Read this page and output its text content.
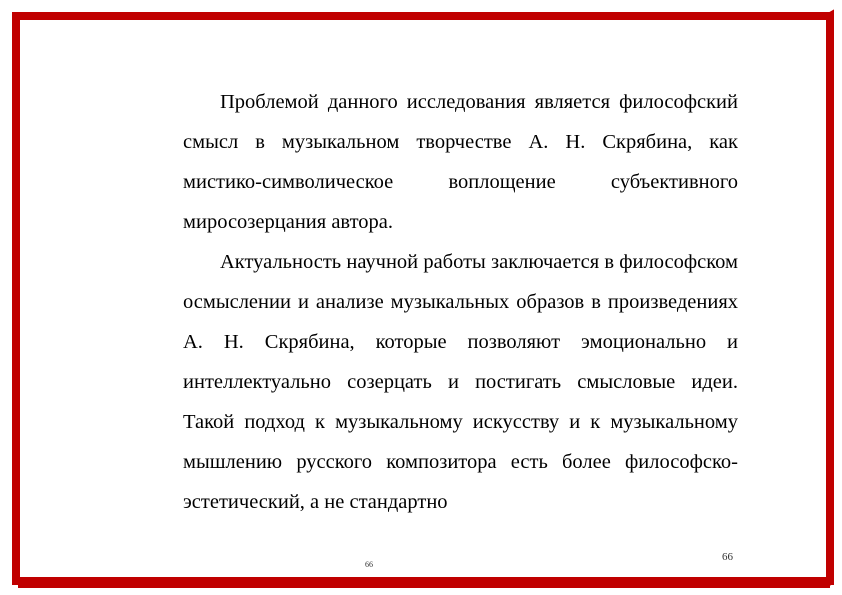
Проблемой данного исследования является философский смысл в музыкальном творчестве А. Н. Скрябина, как мистико-символическое воплощение субъективного миросозерцания автора.

Актуальность научной работы заключается в философском осмыслении и анализе музыкальных образов в произведениях А. Н. Скрябина, которые позволяют эмоционально и интеллектуально созерцать и постигать смысловые идеи. Такой подход к музыкальному искусству и к музыкальному мышлению русского композитора есть более философско-эстетический, а не стандартно

66
66
